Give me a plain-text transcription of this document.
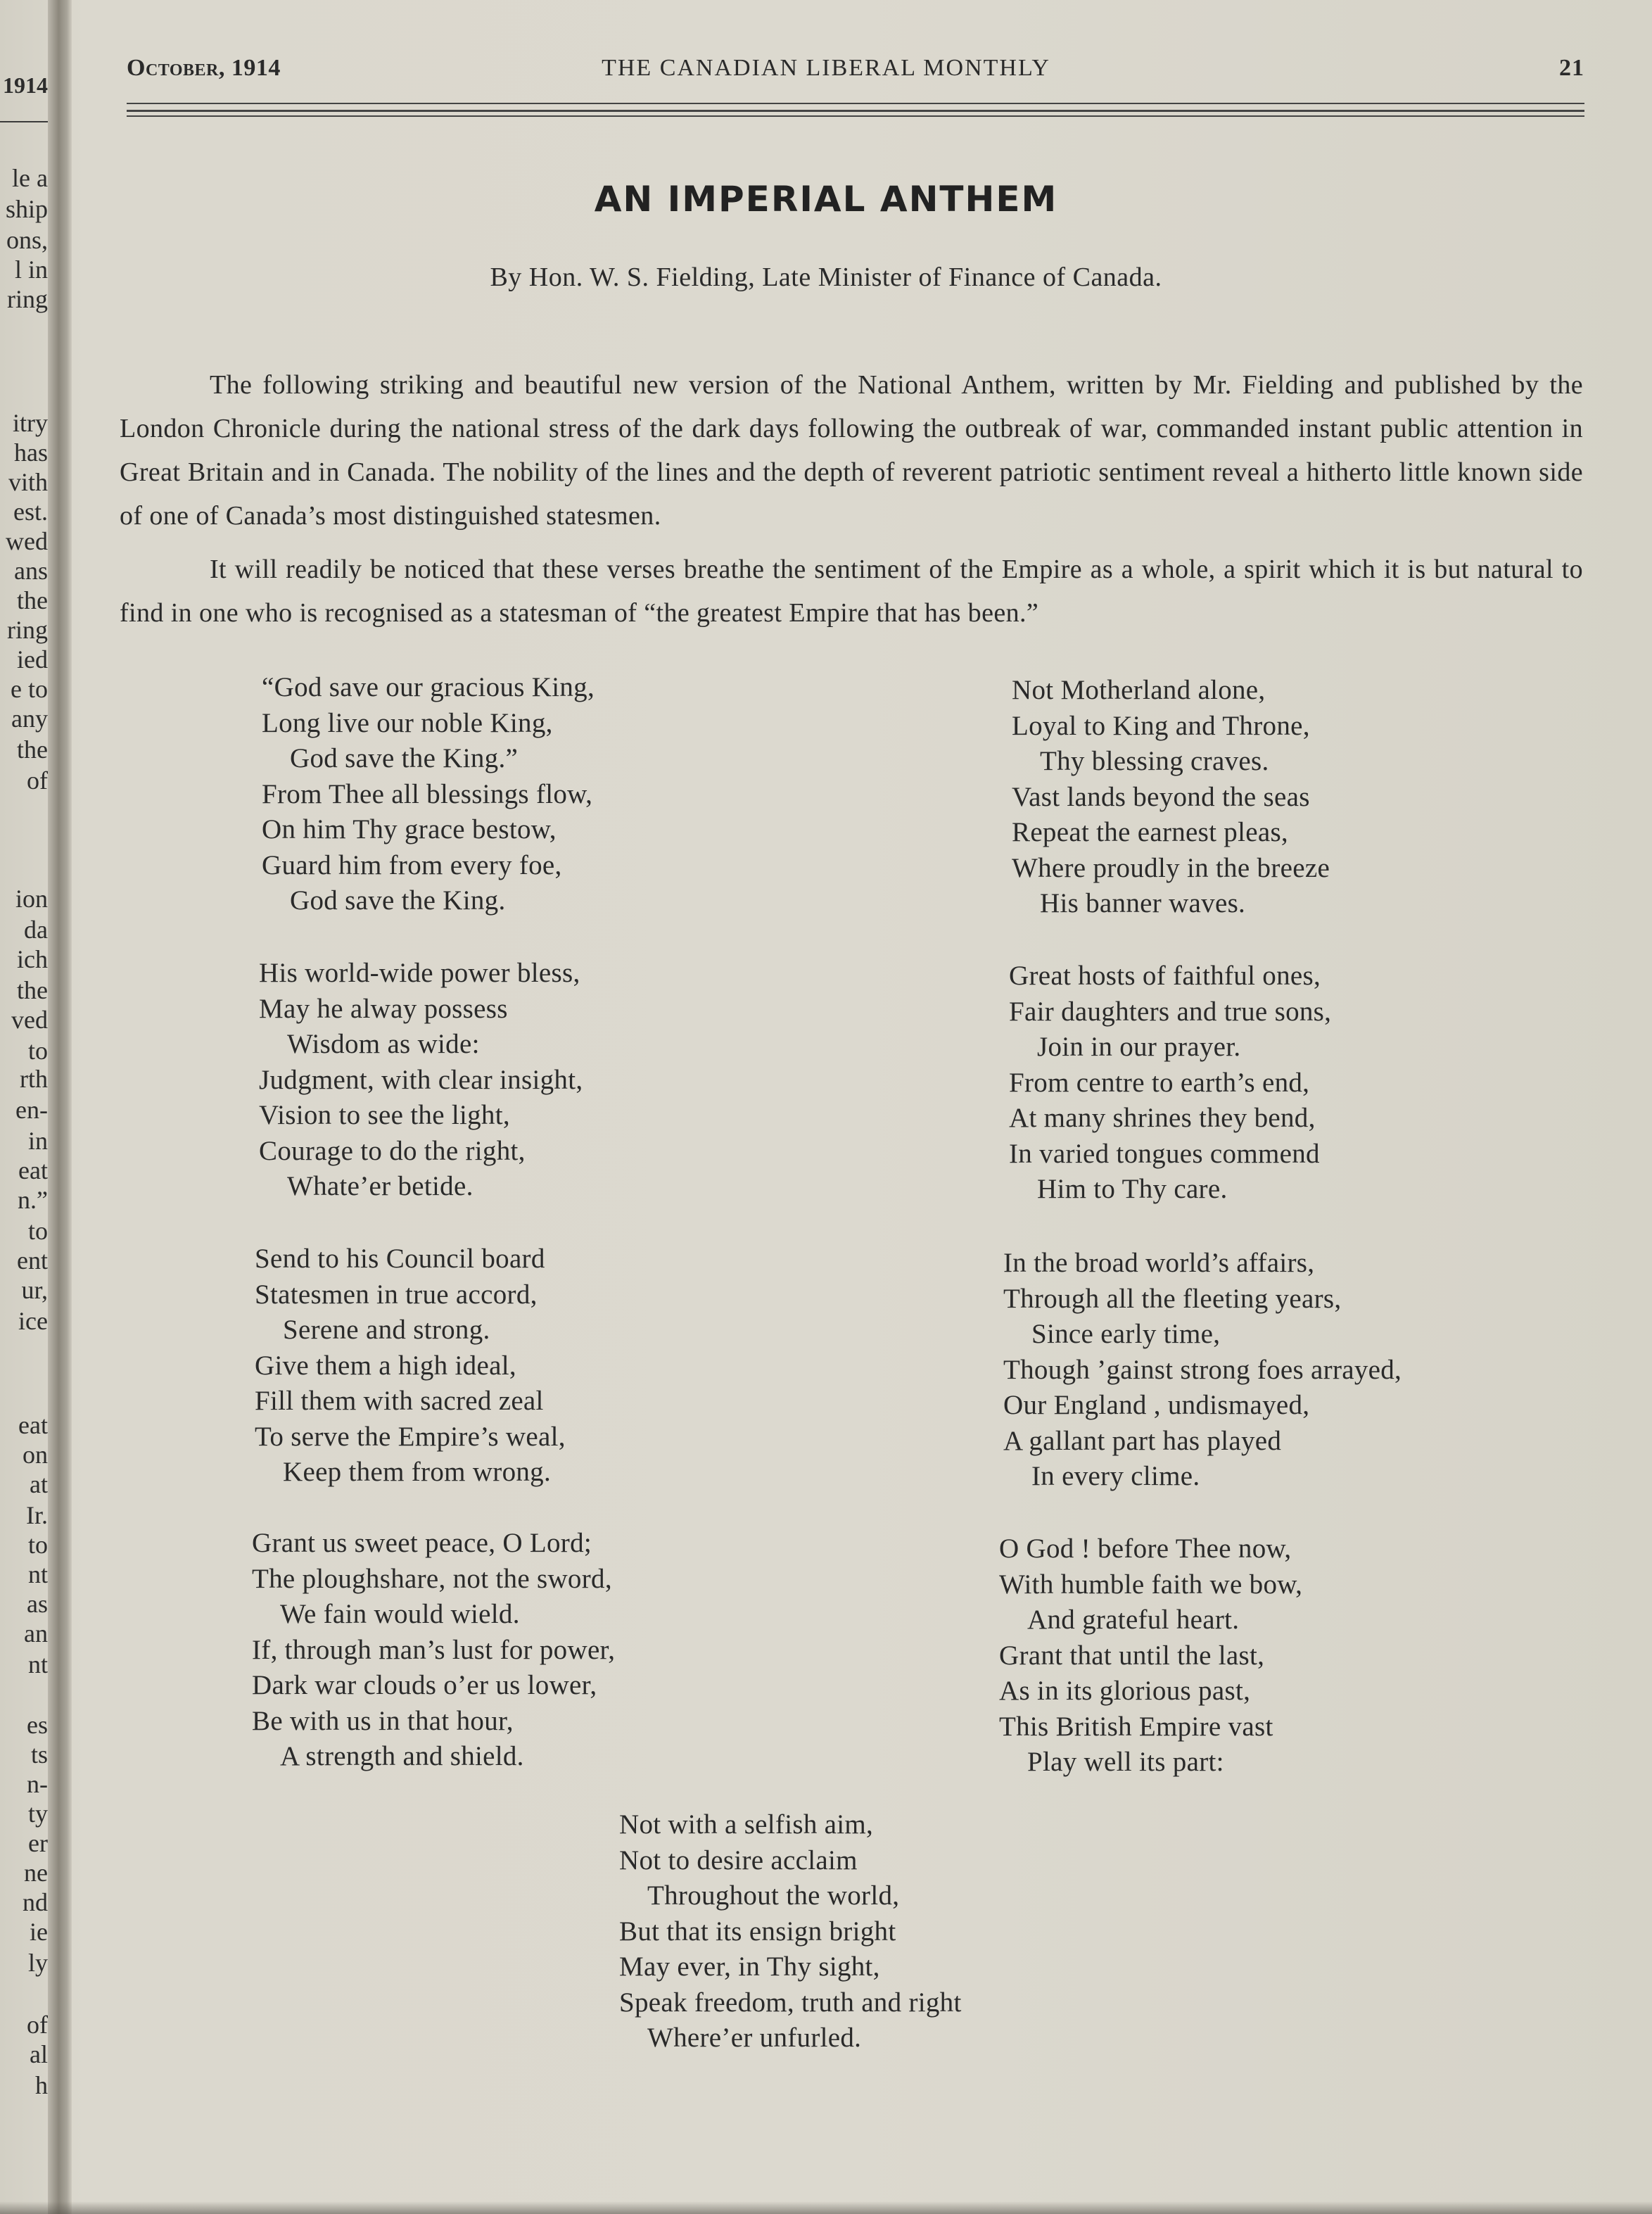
1914
le a
ship
ons,
l in
ring
itry
has
vith
est.
wed
ans
the
ring
ied
e to
any
the
of
ion
da
ich
the
ved
to
rth
en-
in
eat
n.”
to
ent
ur,
ice
eat
on
at
Ir.
to
nt
as
an
nt
es
ts
n-
ty
er
ne
nd
ie
ly
of
al
h
THE CANADIAN LIBERAL MONTHLY
October, 1914	21
AN IMPERIAL ANTHEM
By Hon. W. S. Fielding, Late Minister of Finance of Canada.

The following striking and beautiful new version of the National Anthem, written by Mr. Fielding and published by the London Chronicle during the national stress of the dark days following the outbreak of war, commanded instant public attention in Great Britain and in Canada. The nobility of the lines and the depth of reverent patriotic sentiment reveal a hitherto little known side of one of Canada’s most distinguished statesmen.

It will readily be noticed that these verses breathe the sentiment of the Empire as a whole, a spirit which it is but natural to find in one who is recognised as a statesman of “the greatest Empire that has been.”

“God save our gracious King,
Long live our noble King,
God save the King.”
From Thee all blessings flow,
On him Thy grace bestow,
Guard him from every foe,
God save the King.
His world-wide power bless,
May he alway possess
Wisdom as wide:
Judgment, with clear insight,
Vision to see the light,
Courage to do the right,
Whate’er betide.
Send to his Council board
Statesmen in true accord,
Serene and strong.
Give them a high ideal,
Fill them with sacred zeal
To serve the Empire’s weal,
Keep them from wrong.
Grant us sweet peace, O Lord;
The ploughshare, not the sword,
We fain would wield.
If, through man’s lust for power,
Dark war clouds o’er us lower,
Be with us in that hour,
A strength and shield.
Not Motherland alone,
Loyal to King and Throne,
Thy blessing craves.
Vast lands beyond the seas
Repeat the earnest pleas,
Where proudly in the breeze
His banner waves.
Great hosts of faithful ones,
Fair daughters and true sons,
Join in our prayer.
From centre to earth’s end,
At many shrines they bend,
In varied tongues commend
Him to Thy care.
In the broad world’s affairs,
Through all the fleeting years,
Since early time,
Though ’gainst strong foes arrayed,
Our England , undismayed,
A gallant part has played
In every clime.
O God ! before Thee now,
With humble faith we bow,
And grateful heart.
Grant that until the last,
As in its glorious past,
This British Empire vast
Play well its part:
Not with a selfish aim,
Not to desire acclaim
Throughout the world,
But that its ensign bright
May ever, in Thy sight,
Speak freedom, truth and right
Where’er unfurled.
